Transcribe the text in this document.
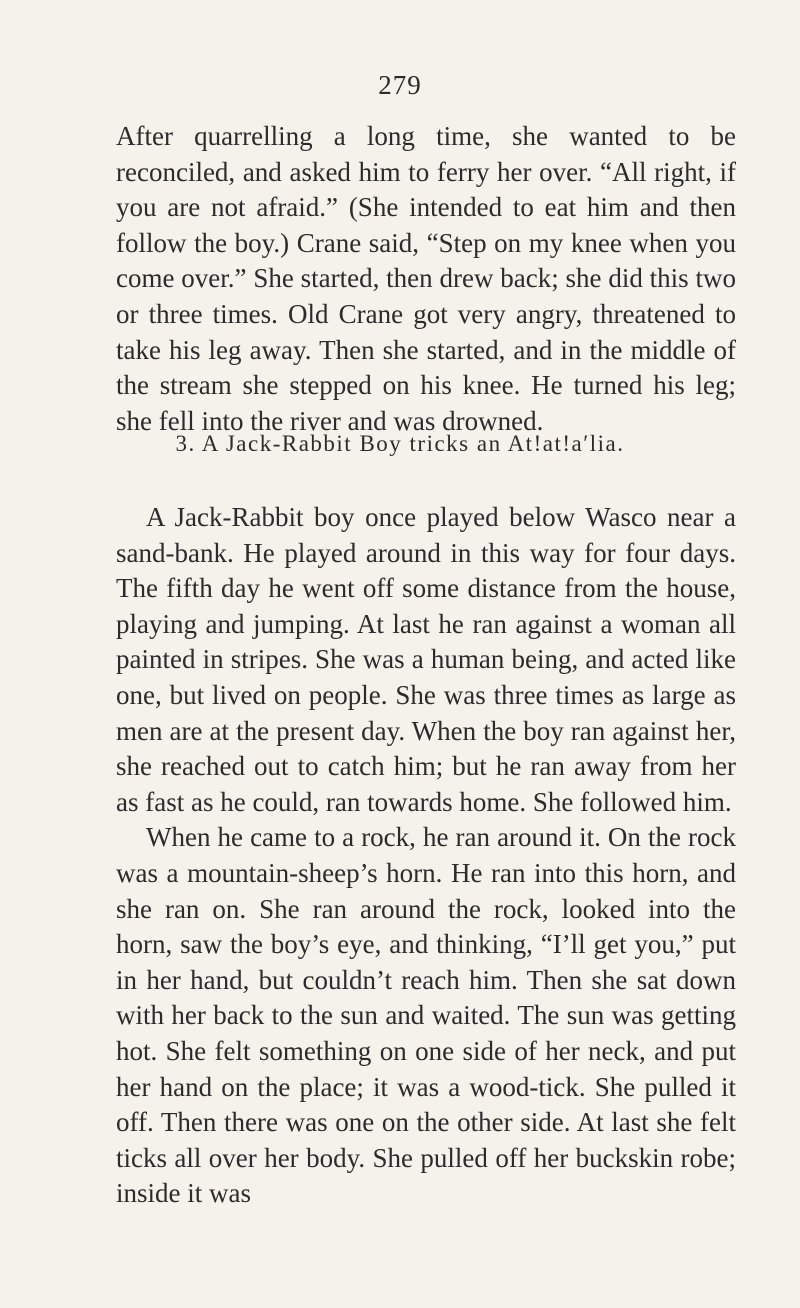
279

After quarrelling a long time, she wanted to be reconciled, and asked him to ferry her over. “All right, if you are not afraid.” (She intended to eat him and then follow the boy.) Crane said, “Step on my knee when you come over.” She started, then drew back; she did this two or three times. Old Crane got very angry, threatened to take his leg away. Then she started, and in the middle of the stream she stepped on his knee. He turned his leg; she fell into the river and was drowned.

3. A Jack-Rabbit Boy tricks an At!at!a′lia.

A Jack-Rabbit boy once played below Wasco near a sand-bank. He played around in this way for four days. The fifth day he went off some distance from the house, playing and jumping. At last he ran against a woman all painted in stripes. She was a human being, and acted like one, but lived on people. She was three times as large as men are at the present day. When the boy ran against her, she reached out to catch him; but he ran away from her as fast as he could, ran towards home. She followed him.

When he came to a rock, he ran around it. On the rock was a mountain-sheep’s horn. He ran into this horn, and she ran on. She ran around the rock, looked into the horn, saw the boy’s eye, and thinking, “I’ll get you,” put in her hand, but couldn’t reach him. Then she sat down with her back to the sun and waited. The sun was getting hot. She felt something on one side of her neck, and put her hand on the place; it was a wood-tick. She pulled it off. Then there was one on the other side. At last she felt ticks all over her body. She pulled off her buckskin robe; inside it was
